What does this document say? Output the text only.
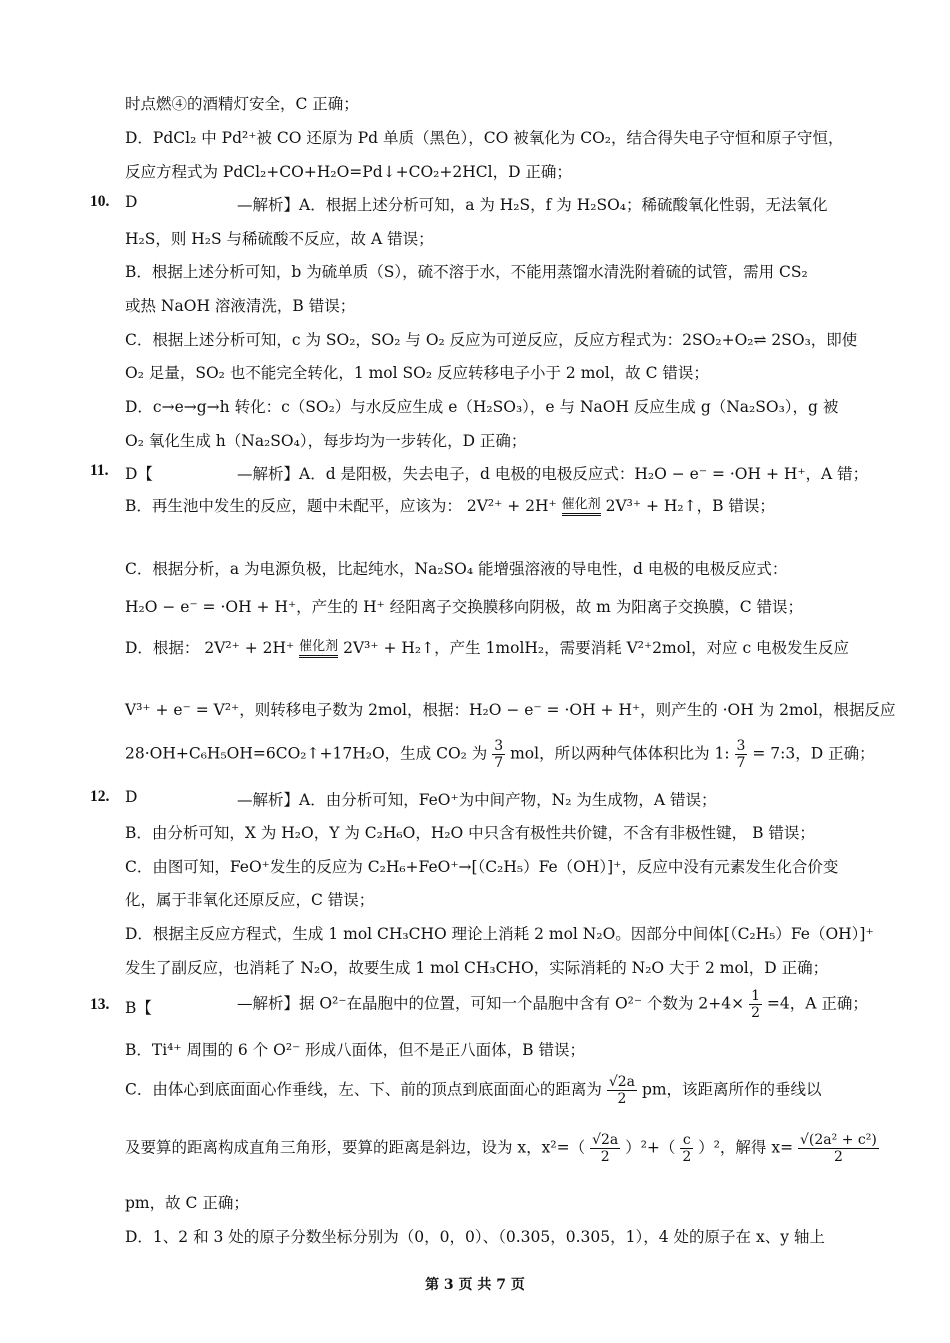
时点燃④的酒精灯安全，C 正确；
D．PdCl₂ 中 Pd²⁺被 CO 还原为 Pd 单质（黑色），CO 被氧化为 CO₂，结合得失电子守恒和原子守恒，
反应方程式为 PdCl₂+CO+H₂O=Pd↓+CO₂+2HCl，D 正确；
10. D	—解析】A．根据上述分析可知，a 为 H₂S，f 为 H₂SO₄；稀硫酸氧化性弱，无法氧化
H₂S，则 H₂S 与稀硫酸不反应，故 A 错误；
B．根据上述分析可知，b 为硫单质（S），硫不溶于水，不能用蒸馏水清洗附着硫的试管，需用 CS₂
或热 NaOH 溶液清洗，B 错误；
C．根据上述分析可知，c 为 SO₂，SO₂ 与 O₂ 反应为可逆反应，反应方程式为：2SO₂+O₂⇌ 2SO₃，即使
O₂ 足量，SO₂ 也不能完全转化，1 mol SO₂ 反应转移电子小于 2 mol，故 C 错误；
D．c→e→g→h 转化：c（SO₂）与水反应生成 e（H₂SO₃），e 与 NaOH 反应生成 g（Na₂SO₃），g 被
O₂ 氧化生成 h（Na₂SO₄），每步均为一步转化，D 正确；
11. D【	—解析】A．d 是阳极，失去电子，d 电极的电极反应式：H₂O − e⁻ = ·OH + H⁺，A 错；
B．再生池中发生的反应，题中未配平，应该为： 2V²⁺ + 2H⁺ 催化剂 2V³⁺ + H₂↑，B 错误；
C．根据分析，a 为电源负极，比起纯水，Na₂SO₄ 能增强溶液的导电性，d 电极的电极反应式：
H₂O − e⁻ = ·OH + H⁺，产生的 H⁺ 经阳离子交换膜移向阴极，故 m 为阳离子交换膜，C 错误；
D．根据： 2V²⁺ + 2H⁺ 催化剂 2V³⁺ + H₂↑，产生 1molH₂，需要消耗 V²⁺2mol，对应 c 电极发生反应
V³⁺ + e⁻ = V²⁺，则转移电子数为 2mol，根据：H₂O − e⁻ = ·OH + H⁺，则产生的 ·OH 为 2mol，根据反应
28·OH+C₆H₅OH=6CO₂↑+17H₂O，生成 CO₂ 为 $\frac{3}{7}$ mol，所以两种气体体积比为 1: $\frac{3}{7}$ = 7:3，D 正确；
12. D	—解析】A．由分析可知，FeO⁺为中间产物，N₂ 为生成物，A 错误；
B．由分析可知，X 为 H₂O，Y 为 C₂H₆O，H₂O 中只含有极性共价键，不含有非极性键， B 错误；
C．由图可知，FeO⁺发生的反应为 C₂H₆+FeO⁺→[（C₂H₅）Fe（OH）]⁺，反应中没有元素发生化合价变
化，属于非氧化还原反应，C 错误；
D．根据主反应方程式，生成 1 mol CH₃CHO 理论上消耗 2 mol N₂O。因部分中间体[（C₂H₅）Fe（OH）]⁺
发生了副反应，也消耗了 N₂O，故要生成 1 mol CH₃CHO，实际消耗的 N₂O 大于 2 mol，D 正确；
13. B【	—解析】据 O²⁻在晶胞中的位置，可知一个晶胞中含有 O²⁻ 个数为 $2+4\times \frac{1}{2} =4$，A 正确；
B．Ti⁴⁺ 周围的 6 个 O²⁻ 形成八面体，但不是正八面体，B 错误；
C．由体心到底面面心作垂线，左、下、前的顶点到底面面心的距离为 $\frac{√2a}{2}$ pm，该距离所作的垂线以
及要算的距离构成直角三角形，要算的距离是斜边，设为 x，$x^2=( \frac{√2a}{2} )^2+( \frac{c}{2} )^2$，解得 $x= \frac{\text{√(2a² + c²)}}{2}$
pm，故 C 正确；
D．1、2 和 3 处的原子分数坐标分别为（0，0，0）、（0.305，0.305，1），4 处的原子在 x、y 轴上
第 3 页 共 7 页
